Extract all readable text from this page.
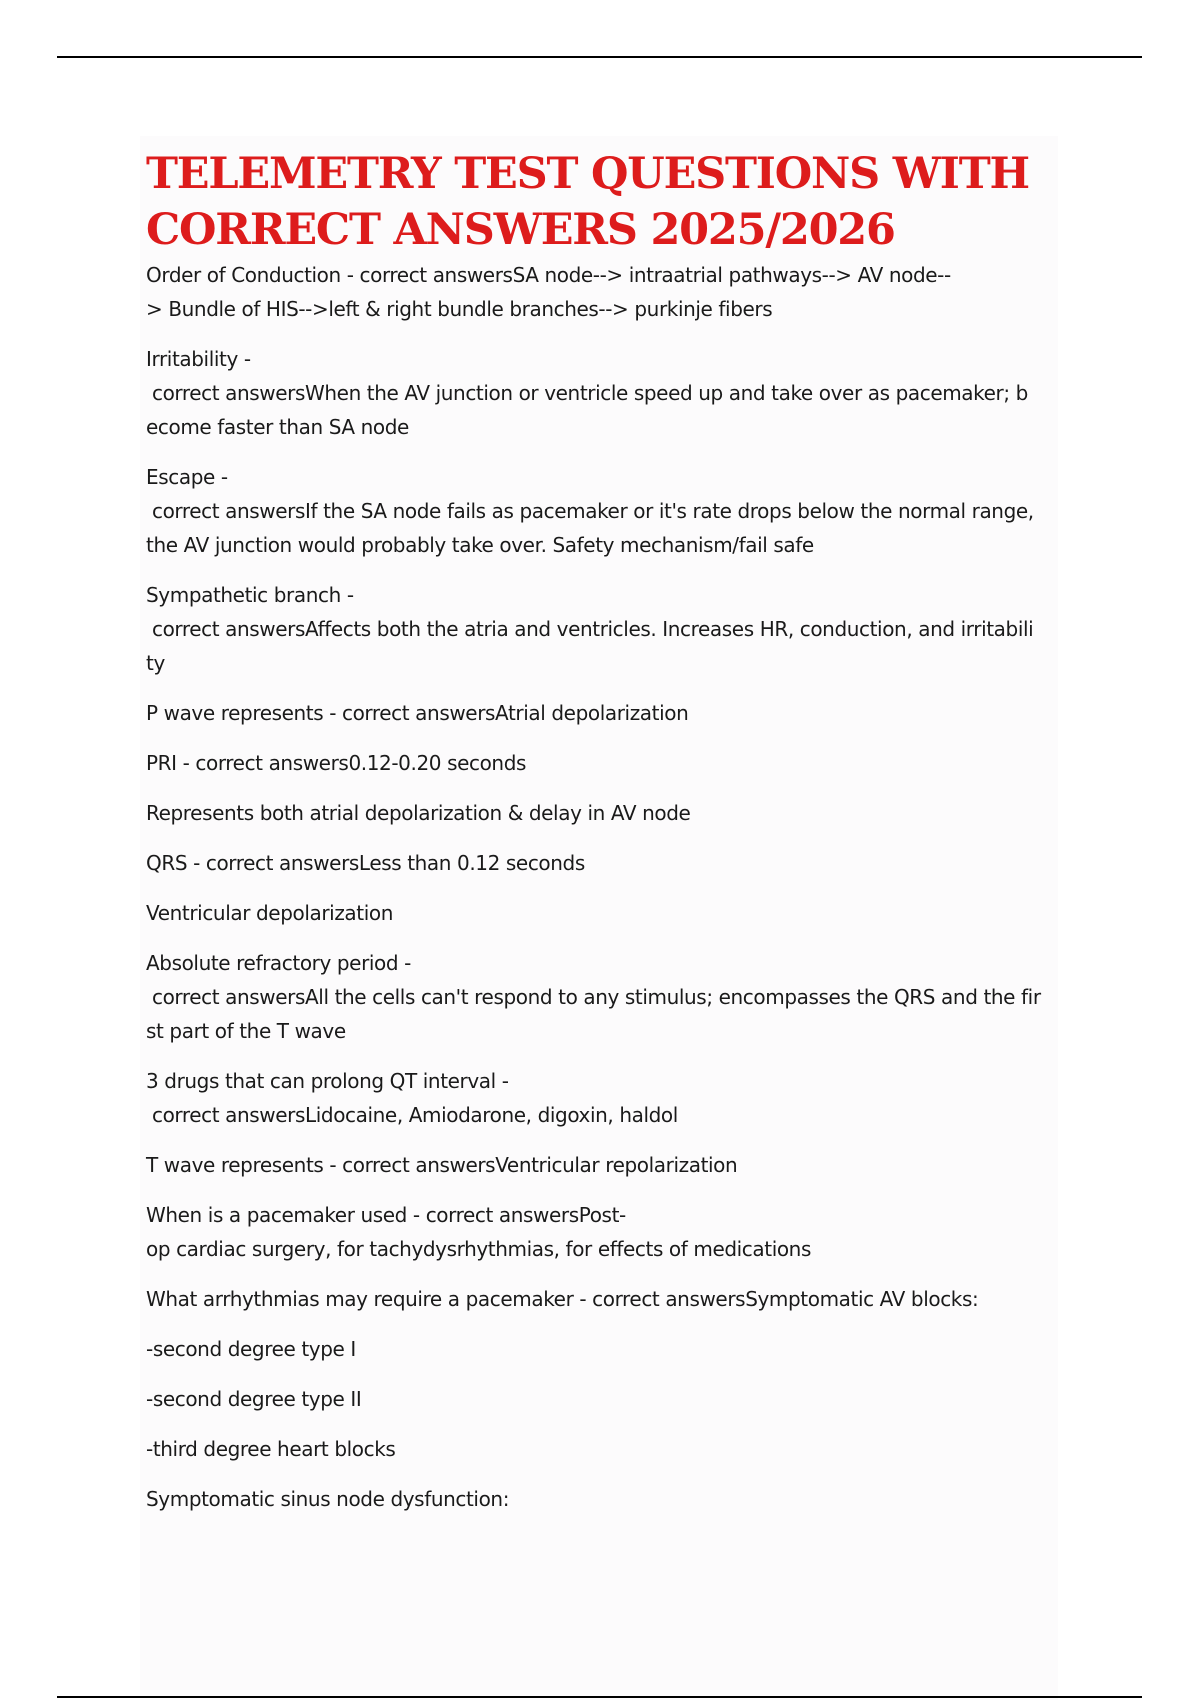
TELEMETRY TEST QUESTIONS WITH CORRECT ANSWERS 2025/2026

Order of Conduction - correct answersSA node--> intraatrial pathways--> AV node--
> Bundle of HIS-->left & right bundle branches--> purkinje fibers

Irritability -
correct answersWhen the AV junction or ventricle speed up and take over as pacemaker; b
ecome faster than SA node

Escape -
correct answersIf the SA node fails as pacemaker or it's rate drops below the normal range,
the AV junction would probably take over. Safety mechanism/fail safe

Sympathetic branch -
correct answersAffects both the atria and ventricles. Increases HR, conduction, and irritabili
ty

P wave represents - correct answersAtrial depolarization

PRI - correct answers0.12-0.20 seconds

Represents both atrial depolarization & delay in AV node

QRS - correct answersLess than 0.12 seconds

Ventricular depolarization

Absolute refractory period -
correct answersAll the cells can't respond to any stimulus; encompasses the QRS and the fir
st part of the T wave

3 drugs that can prolong QT interval -
correct answersLidocaine, Amiodarone, digoxin, haldol

T wave represents - correct answersVentricular repolarization

When is a pacemaker used - correct answersPost-
op cardiac surgery, for tachydysrhythmias, for effects of medications

What arrhythmias may require a pacemaker - correct answersSymptomatic AV blocks:

-second degree type I

-second degree type II

-third degree heart blocks

Symptomatic sinus node dysfunction:
